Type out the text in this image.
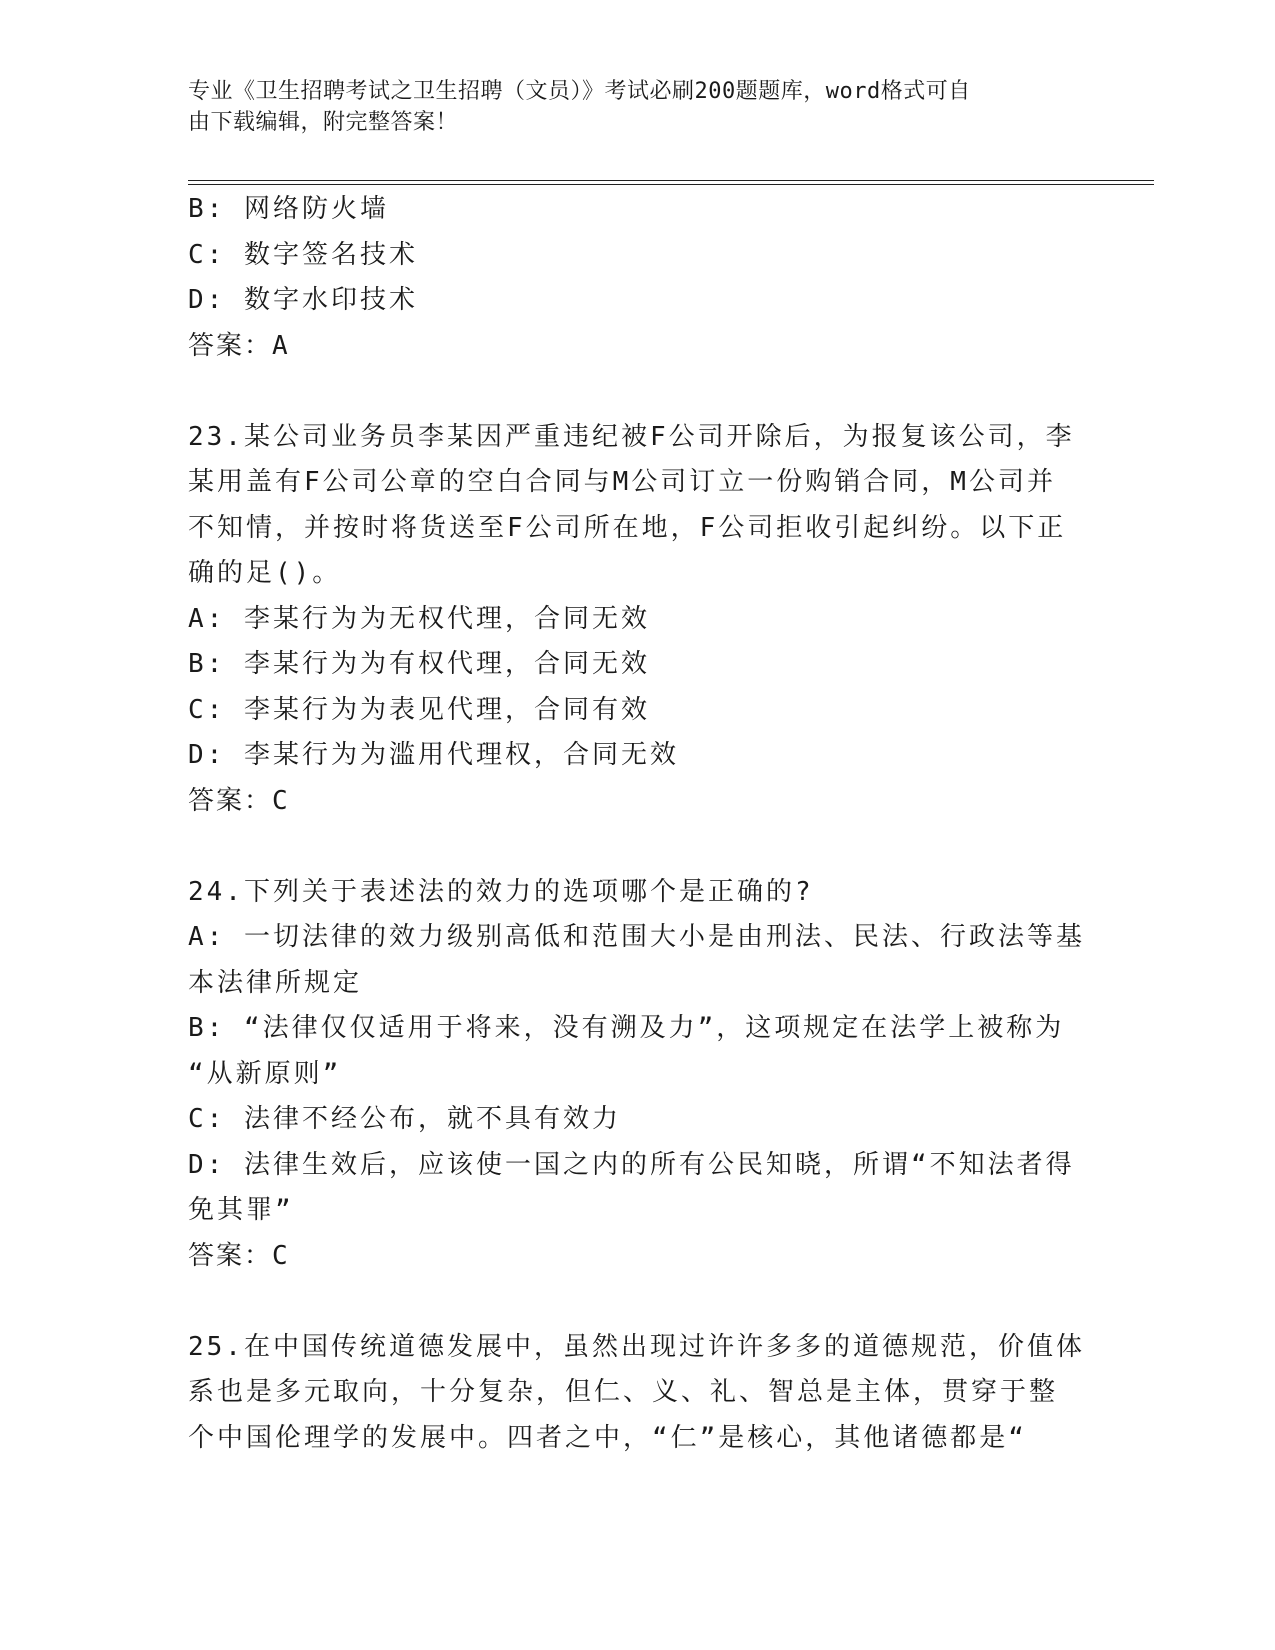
专业《卫生招聘考试之卫生招聘（文员）》考试必刷200题题库，word格式可自
由下载编辑，附完整答案！
B: 网络防火墙
C: 数字签名技术
D: 数字水印技术
答案：A
23.某公司业务员李某因严重违纪被F公司开除后，为报复该公司，李
某用盖有F公司公章的空白合同与M公司订立一份购销合同，M公司并
不知情，并按时将货送至F公司所在地，F公司拒收引起纠纷。以下正
确的足()。
A: 李某行为为无权代理，合同无效
B: 李某行为为有权代理，合同无效
C: 李某行为为表见代理，合同有效
D: 李某行为为滥用代理权，合同无效
答案：C
24.下列关于表述法的效力的选项哪个是正确的?
A: 一切法律的效力级别高低和范围大小是由刑法、民法、行政法等基
本法律所规定
B: “法律仅仅适用于将来，没有溯及力”，这项规定在法学上被称为
“从新原则”
C: 法律不经公布，就不具有效力
D: 法律生效后，应该使一国之内的所有公民知晓，所谓“不知法者得
免其罪”
答案：C
25.在中国传统道德发展中，虽然出现过许许多多的道德规范，价值体
系也是多元取向，十分复杂，但仁、义、礼、智总是主体，贯穿于整
个中国伦理学的发展中。四者之中，“仁”是核心，其他诸德都是“
